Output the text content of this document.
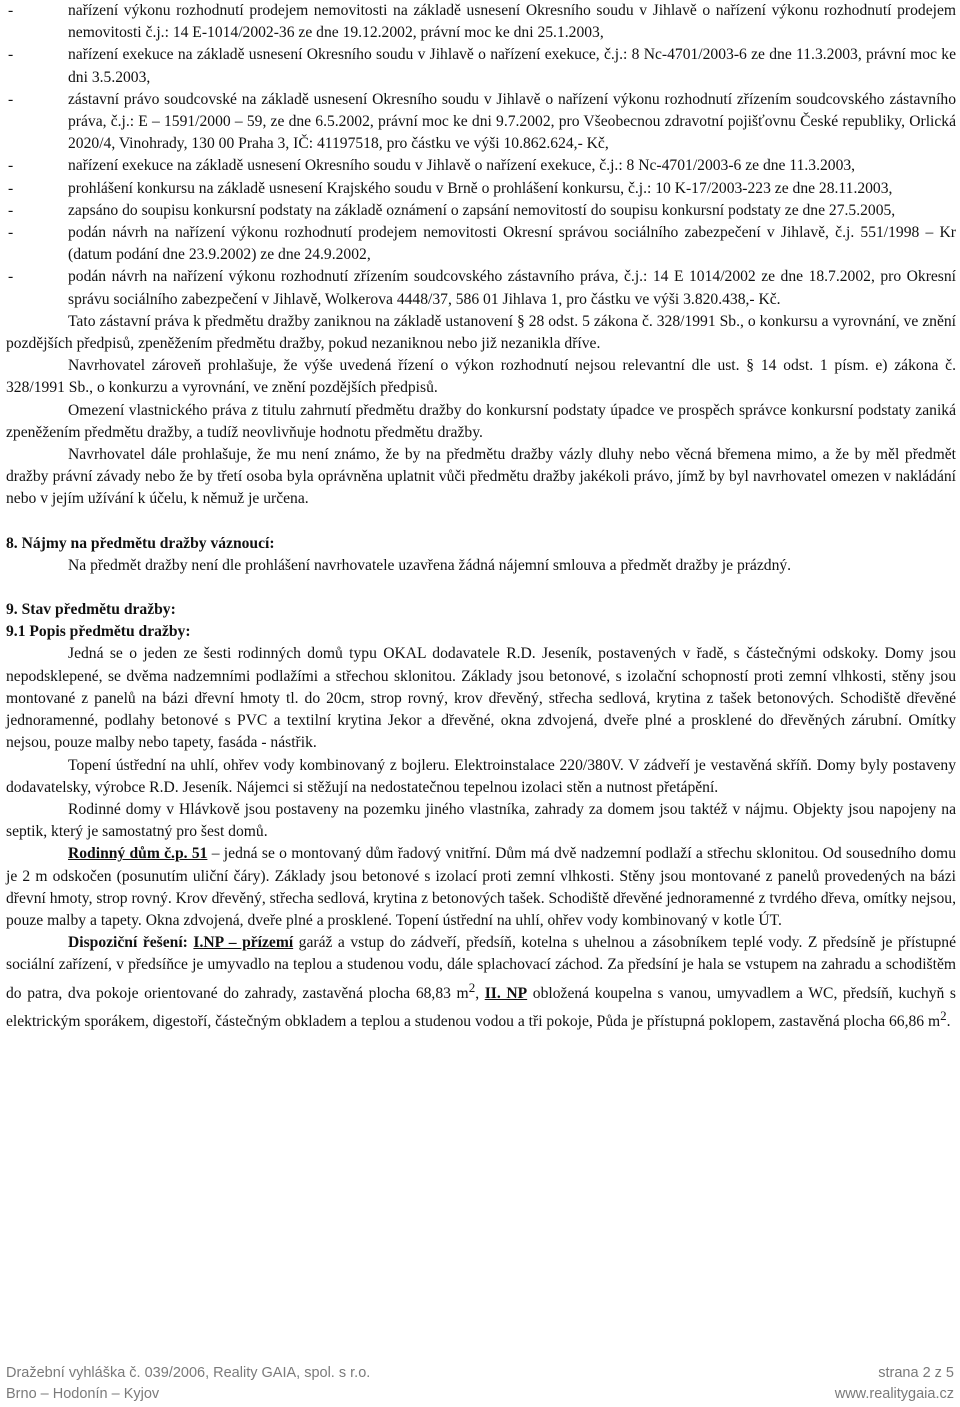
-	nařízení výkonu rozhodnutí prodejem nemovitosti na základě usnesení Okresního soudu v Jihlavě o nařízení výkonu rozhodnutí prodejem nemovitosti č.j.: 14 E-1014/2002-36 ze dne 19.12.2002, právní moc ke dni 25.1.2003,
-	nařízení exekuce na základě usnesení Okresního soudu v Jihlavě o nařízení exekuce, č.j.: 8 Nc-4701/2003-6 ze dne 11.3.2003, právní moc ke dni 3.5.2003,
-	zástavní právo soudcovské na základě usnesení Okresního soudu v Jihlavě o nařízení výkonu rozhodnutí zřízením soudcovského zástavního práva, č.j.: E – 1591/2000 – 59, ze dne 6.5.2002, právní moc ke dni 9.7.2002, pro Všeobecnou zdravotní pojišťovnu České republiky, Orlická 2020/4, Vinohrady, 130 00 Praha 3, IČ: 41197518, pro částku ve výši 10.862.624,- Kč,
-	nařízení exekuce na základě usnesení Okresního soudu v Jihlavě o nařízení exekuce, č.j.: 8 Nc-4701/2003-6 ze dne 11.3.2003,
-	prohlášení konkursu na základě usnesení Krajského soudu v Brně o prohlášení konkursu, č.j.: 10 K-17/2003-223 ze dne 28.11.2003,
-	zapsáno do soupisu konkursní podstaty na základě oznámení o zapsání nemovitostí do soupisu konkursní podstaty ze dne 27.5.2005,
-	podán návrh na nařízení výkonu rozhodnutí prodejem nemovitosti Okresní správou sociálního zabezpečení v Jihlavě, č.j. 551/1998 – Kr (datum podání dne 23.9.2002) ze dne 24.9.2002,
-	podán návrh na nařízení výkonu rozhodnutí zřízením soudcovského zástavního práva, č.j.: 14 E 1014/2002 ze dne 18.7.2002, pro Okresní správu sociálního zabezpečení v Jihlavě, Wolkerova 4448/37, 586 01 Jihlava 1, pro částku ve výši 3.820.438,- Kč.
Tato zástavní práva k předmětu dražby zaniknou na základě ustanovení § 28 odst. 5 zákona č. 328/1991 Sb., o konkursu a vyrovnání, ve znění pozdějších předpisů, zpeněžením předmětu dražby, pokud nezaniknou nebo již nezanikla dříve.
Navrhovatel zároveň prohlašuje, že výše uvedená řízení o výkon rozhodnutí nejsou relevantní dle ust. § 14 odst. 1 písm. e) zákona č. 328/1991 Sb., o konkurzu a vyrovnání, ve znění pozdějších předpisů.
Omezení vlastnického práva z titulu zahrnutí předmětu dražby do konkursní podstaty úpadce ve prospěch správce konkursní podstaty zaniká zpeněžením předmětu dražby, a tudíž neovlivňuje hodnotu předmětu dražby.
Navrhovatel dále prohlašuje, že mu není známo, že by na předmětu dražby vázly dluhy nebo věcná břemena mimo, a že by měl předmět dražby právní závady nebo že by třetí osoba byla oprávněna uplatnit vůči předmětu dražby jakékoli právo, jímž by byl navrhovatel omezen v nakládání nebo v jejím užívání k účelu, k němuž je určena.
8. Nájmy na předmětu dražby váznoucí:
Na předmět dražby není dle prohlášení navrhovatele uzavřena žádná nájemní smlouva a předmět dražby je prázdný.
9. Stav předmětu dražby:
9.1 Popis předmětu dražby:
Jedná se o jeden ze šesti rodinných domů typu OKAL dodavatele R.D. Jeseník, postavených v řadě, s částečnými odskoky. Domy jsou nepodsklepené, se dvěma nadzemními podlažími a střechou sklonitou. Základy jsou betonové, s izolační schopností proti zemní vlhkosti, stěny jsou montované z panelů na bázi dřevní hmoty tl. do 20cm, strop rovný, krov dřevěný, střecha sedlová, krytina z tašek betonových. Schodiště dřevěné jednoramenné, podlahy betonové s PVC a textilní krytina Jekor a dřevěné, okna zdvojená, dveře plné a prosklené do dřevěných zárubní. Omítky nejsou, pouze malby nebo tapety, fasáda - nástřik.
Topení ústřední na uhlí, ohřev vody kombinovaný z bojleru. Elektroinstalace 220/380V. V zádveří je vestavěná skříň. Domy byly postaveny dodavatelsky, výrobce R.D. Jeseník. Nájemci si stěžují na nedostatečnou tepelnou izolaci stěn a nutnost přetápění.
Rodinné domy v Hlávkově jsou postaveny na pozemku jiného vlastníka, zahrady za domem jsou taktéž v nájmu. Objekty jsou napojeny na septik, který je samostatný pro šest domů.
Rodinný dům č.p. 51 – jedná se o montovaný dům řadový vnitřní. Dům má dvě nadzemní podlaží a střechu sklonitou. Od sousedního domu je 2 m odskočen (posunutím uliční čáry). Základy jsou betonové s izolací proti zemní vlhkosti. Stěny jsou montované z panelů provedených na bázi dřevní hmoty, strop rovný. Krov dřevěný, střecha sedlová, krytina z betonových tašek. Schodiště dřevěné jednoramenné z tvrdého dřeva, omítky nejsou, pouze malby a tapety. Okna zdvojená, dveře plné a prosklené. Topení ústřední na uhlí, ohřev vody kombinovaný v kotle ÚT.
Dispoziční řešení: I.NP – přízemí garáž a vstup do zádveří, předsíň, kotelna s uhelnou a zásobníkem teplé vody. Z předsíně je přístupné sociální zařízení, v předsíňce je umyvadlo na teplou a studenou vodu, dále splachovací záchod. Za předsíní je hala se vstupem na zahradu a schodištěm do patra, dva pokoje orientované do zahrady, zastavěná plocha 68,83 $m^2$, II. NP obložená koupelna s vanou, umyvadlem a WC, předsíň, kuchyň s elektrickým sporákem, digestoří, částečným obkladem a teplou a studenou vodou a tři pokoje, Půda je přístupná poklopem, zastavěná plocha 66,86 $m^2$.
Dražební vyhláška č. 039/2006, Reality GAIA, spol. s r.o.	strana 2 z 5
Brno – Hodonín – Kyjov	www.realitygaia.cz
